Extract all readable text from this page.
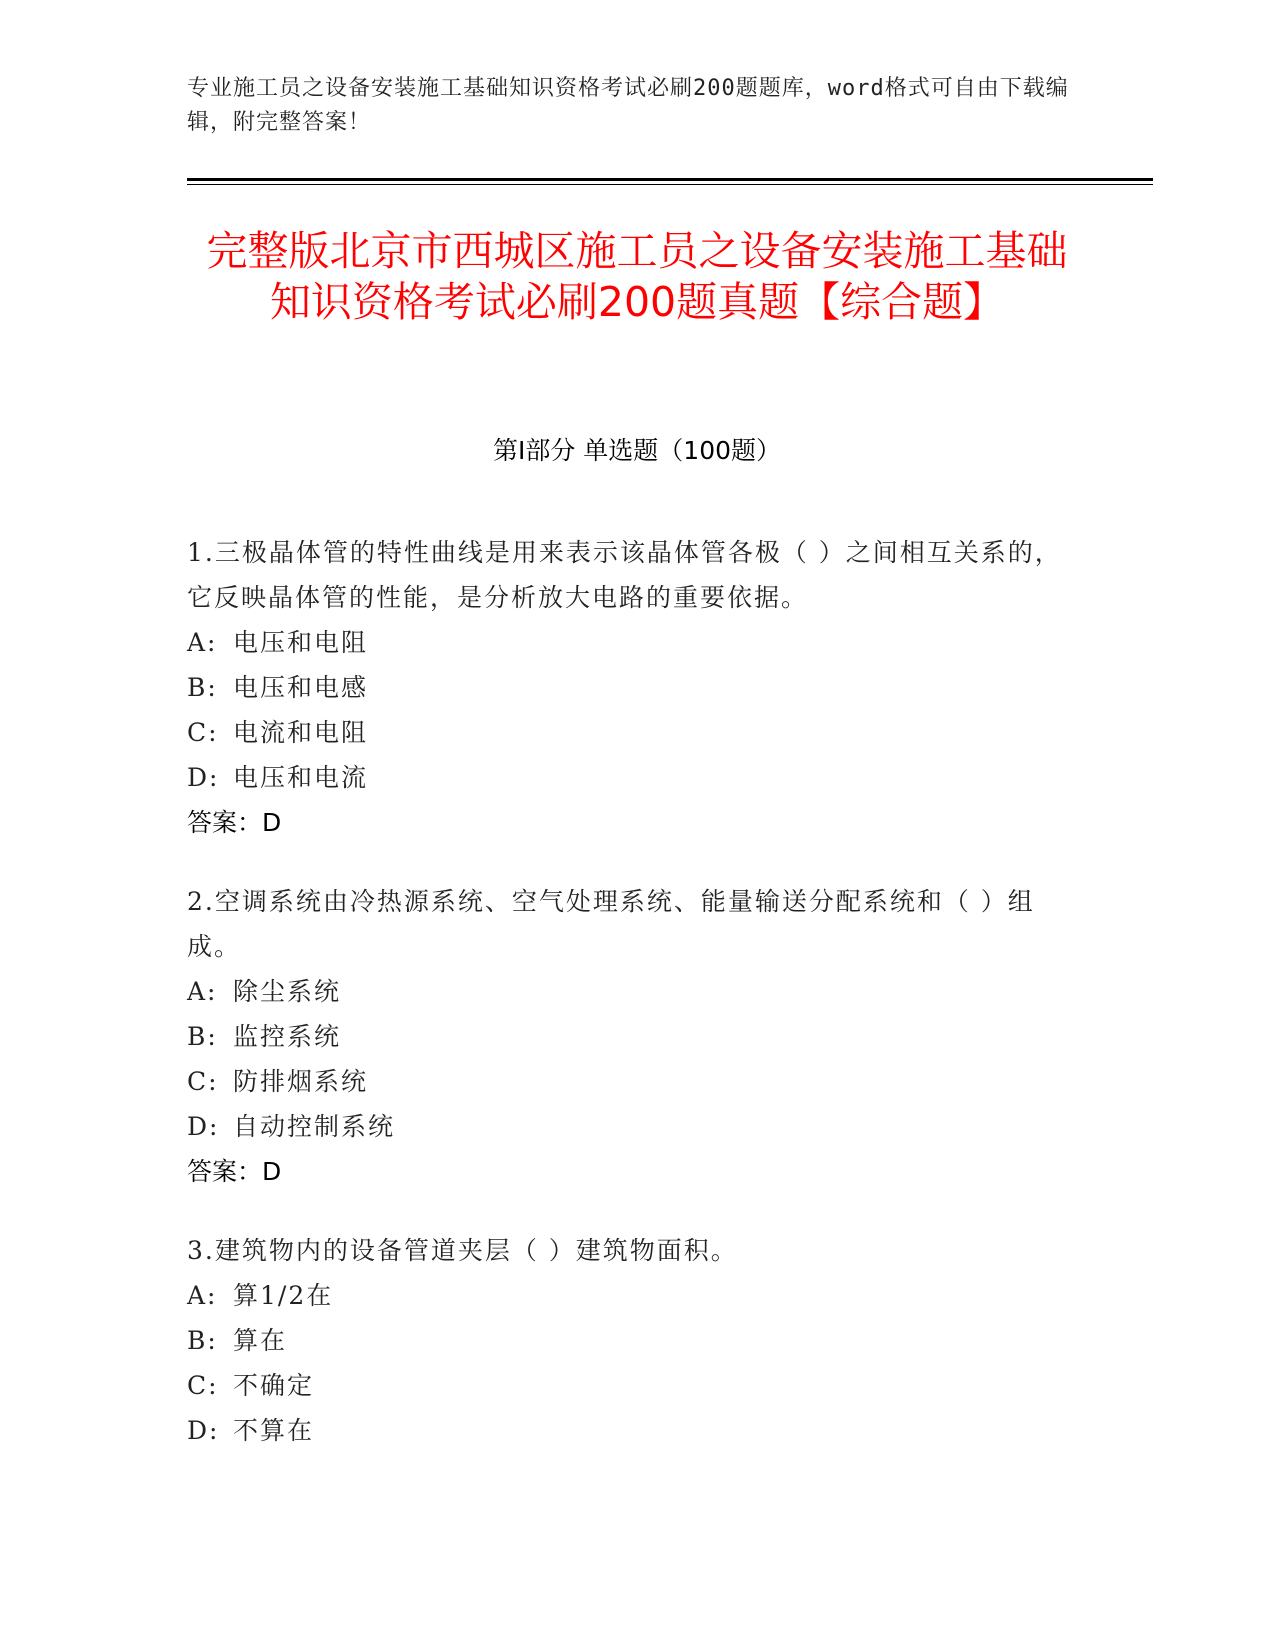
专业施工员之设备安装施工基础知识资格考试必刷200题题库，word格式可自由下载编辑，附完整答案！
完整版北京市西城区施工员之设备安装施工基础知识资格考试必刷200题真题【综合题】
第I部分 单选题（100题）
1.三极晶体管的特性曲线是用来表示该晶体管各极（ ）之间相互关系的，它反映晶体管的性能，是分析放大电路的重要依据。
A: 电压和电阻
B: 电压和电感
C: 电流和电阻
D: 电压和电流
答案：D
2.空调系统由冷热源系统、空气处理系统、能量输送分配系统和（ ）组成。
A: 除尘系统
B: 监控系统
C: 防排烟系统
D: 自动控制系统
答案：D
3.建筑物内的设备管道夹层（ ）建筑物面积。
A: 算1/2在
B: 算在
C: 不确定
D: 不算在
